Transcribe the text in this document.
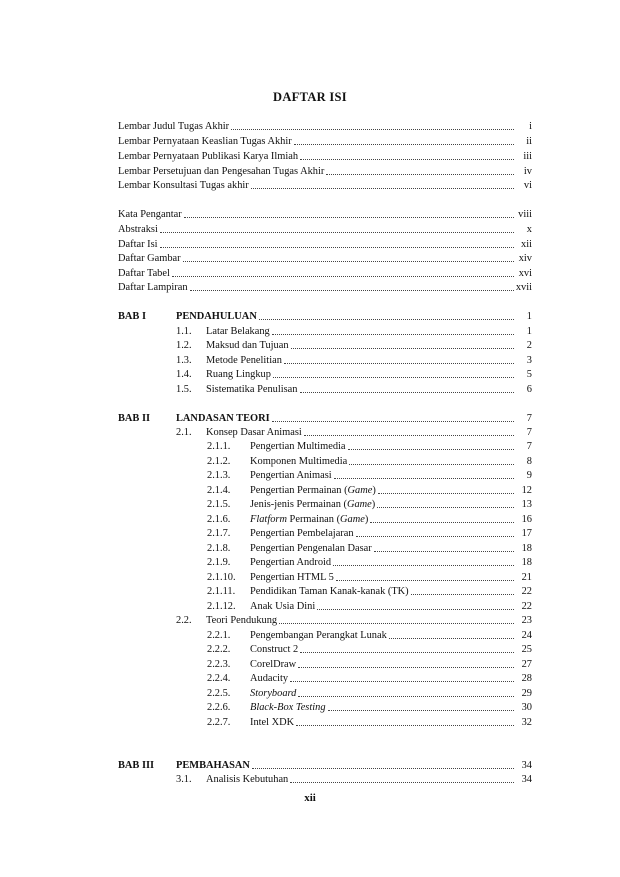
DAFTAR ISI
Lembar Judul Tugas Akhir	i
Lembar Pernyataan Keaslian Tugas Akhir	ii
Lembar Pernyataan Publikasi Karya Ilmiah	iii
Lembar Persetujuan dan Pengesahan Tugas Akhir	iv
Lembar Konsultasi Tugas akhir	vi
Kata Pengantar	viii
Abstraksi	x
Daftar Isi	xii
Daftar Gambar	xiv
Daftar Tabel	xvi
Daftar Lampiran	xvii
BAB I	PENDAHULUAN	1
1.1.	Latar Belakang	1
1.2.	Maksud dan Tujuan	2
1.3.	Metode Penelitian	3
1.4.	Ruang Lingkup	5
1.5.	Sistematika Penulisan	6
BAB II	LANDASAN TEORI	7
2.1.	Konsep Dasar Animasi	7
2.1.1.	Pengertian Multimedia	7
2.1.2.	Komponen Multimedia	8
2.1.3.	Pengertian Animasi	9
2.1.4.	Pengertian Permainan (Game)	12
2.1.5.	Jenis-jenis Permainan (Game)	13
2.1.6.	Flatform Permainan (Game)	16
2.1.7.	Pengertian Pembelajaran	17
2.1.8.	Pengertian Pengenalan Dasar	18
2.1.9.	Pengertian Android	18
2.1.10.	Pengertian HTML 5	21
2.1.11.	Pendidikan Taman Kanak-kanak (TK)	22
2.1.12.	Anak Usia Dini	22
2.2.	Teori Pendukung	23
2.2.1.	Pengembangan Perangkat Lunak	24
2.2.2.	Construct 2	25
2.2.3.	CorelDraw	27
2.2.4.	Audacity	28
2.2.5.	Storyboard	29
2.2.6.	Black-Box Testing	30
2.2.7.	Intel XDK	32
BAB III	PEMBAHASAN	34
3.1.	Analisis Kebutuhan	34
xii
